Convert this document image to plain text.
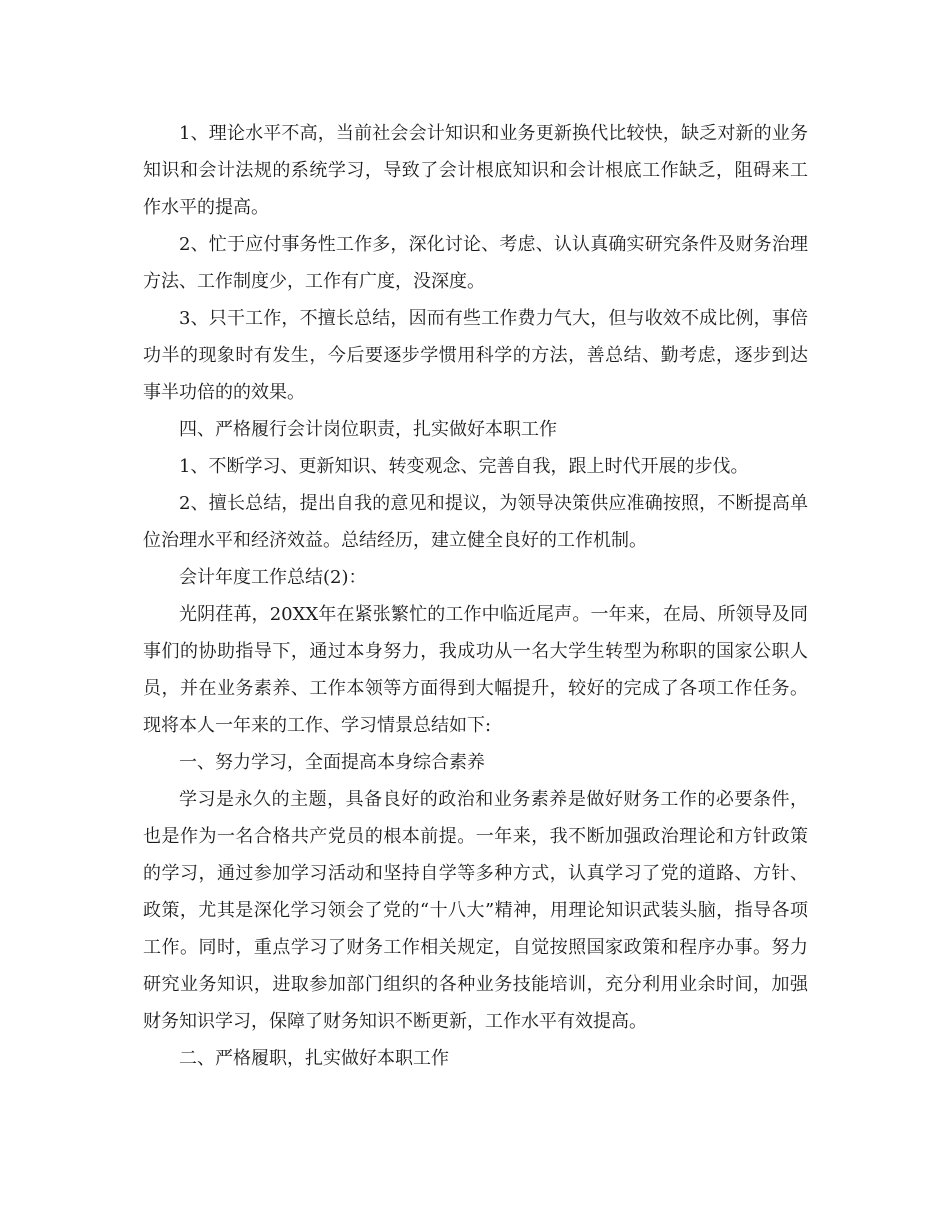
1、理论水平不高，当前社会会计知识和业务更新换代比较快，缺乏对新的业务知识和会计法规的系统学习，导致了会计根底知识和会计根底工作缺乏，阻碍来工作水平的提高。

2、忙于应付事务性工作多，深化讨论、考虑、认认真确实研究条件及财务治理方法、工作制度少，工作有广度，没深度。

3、只干工作，不擅长总结，因而有些工作费力气大，但与收效不成比例，事倍功半的现象时有发生，今后要逐步学惯用科学的方法，善总结、勤考虑，逐步到达事半功倍的的效果。

四、严格履行会计岗位职责，扎实做好本职工作

1、不断学习、更新知识、转变观念、完善自我，跟上时代开展的步伐。

2、擅长总结，提出自我的意见和提议，为领导决策供应准确按照，不断提高单位治理水平和经济效益。总结经历，建立健全良好的工作机制。

会计年度工作总结(2)：

光阴荏苒，20XX年在紧张繁忙的工作中临近尾声。一年来，在局、所领导及同事们的协助指导下，通过本身努力，我成功从一名大学生转型为称职的国家公职人员，并在业务素养、工作本领等方面得到大幅提升，较好的完成了各项工作任务。现将本人一年来的工作、学习情景总结如下:

一、努力学习，全面提高本身综合素养

学习是永久的主题，具备良好的政治和业务素养是做好财务工作的必要条件，也是作为一名合格共产党员的根本前提。一年来，我不断加强政治理论和方针政策的学习，通过参加学习活动和坚持自学等多种方式，认真学习了党的道路、方针、政策，尤其是深化学习领会了党的“十八大”精神，用理论知识武装头脑，指导各项工作。同时，重点学习了财务工作相关规定，自觉按照国家政策和程序办事。努力研究业务知识，进取参加部门组织的各种业务技能培训，充分利用业余时间，加强财务知识学习，保障了财务知识不断更新，工作水平有效提高。

二、严格履职，扎实做好本职工作
